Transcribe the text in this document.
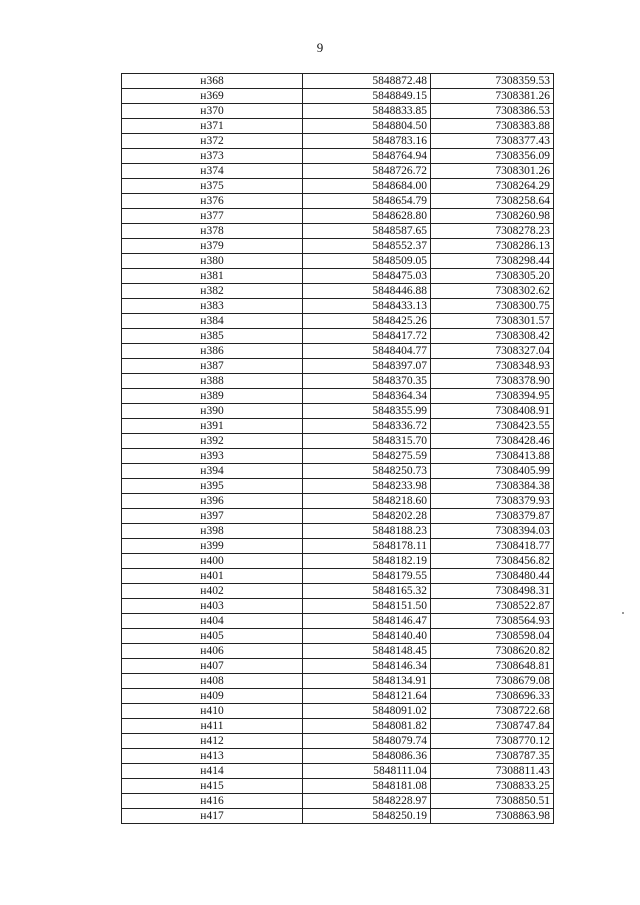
9
н368	5848872.48	7308359.53
н369	5848849.15	7308381.26
н370	5848833.85	7308386.53
н371	5848804.50	7308383.88
н372	5848783.16	7308377.43
н373	5848764.94	7308356.09
н374	5848726.72	7308301.26
н375	5848684.00	7308264.29
н376	5848654.79	7308258.64
н377	5848628.80	7308260.98
н378	5848587.65	7308278.23
н379	5848552.37	7308286.13
н380	5848509.05	7308298.44
н381	5848475.03	7308305.20
н382	5848446.88	7308302.62
н383	5848433.13	7308300.75
н384	5848425.26	7308301.57
н385	5848417.72	7308308.42
н386	5848404.77	7308327.04
н387	5848397.07	7308348.93
н388	5848370.35	7308378.90
н389	5848364.34	7308394.95
н390	5848355.99	7308408.91
н391	5848336.72	7308423.55
н392	5848315.70	7308428.46
н393	5848275.59	7308413.88
н394	5848250.73	7308405.99
н395	5848233.98	7308384.38
н396	5848218.60	7308379.93
н397	5848202.28	7308379.87
н398	5848188.23	7308394.03
н399	5848178.11	7308418.77
н400	5848182.19	7308456.82
н401	5848179.55	7308480.44
н402	5848165.32	7308498.31
н403	5848151.50	7308522.87
н404	5848146.47	7308564.93
н405	5848140.40	7308598.04
н406	5848148.45	7308620.82
н407	5848146.34	7308648.81
н408	5848134.91	7308679.08
н409	5848121.64	7308696.33
н410	5848091.02	7308722.68
н411	5848081.82	7308747.84
н412	5848079.74	7308770.12
н413	5848086.36	7308787.35
н414	5848111.04	7308811.43
н415	5848181.08	7308833.25
н416	5848228.97	7308850.51
н417	5848250.19	7308863.98
